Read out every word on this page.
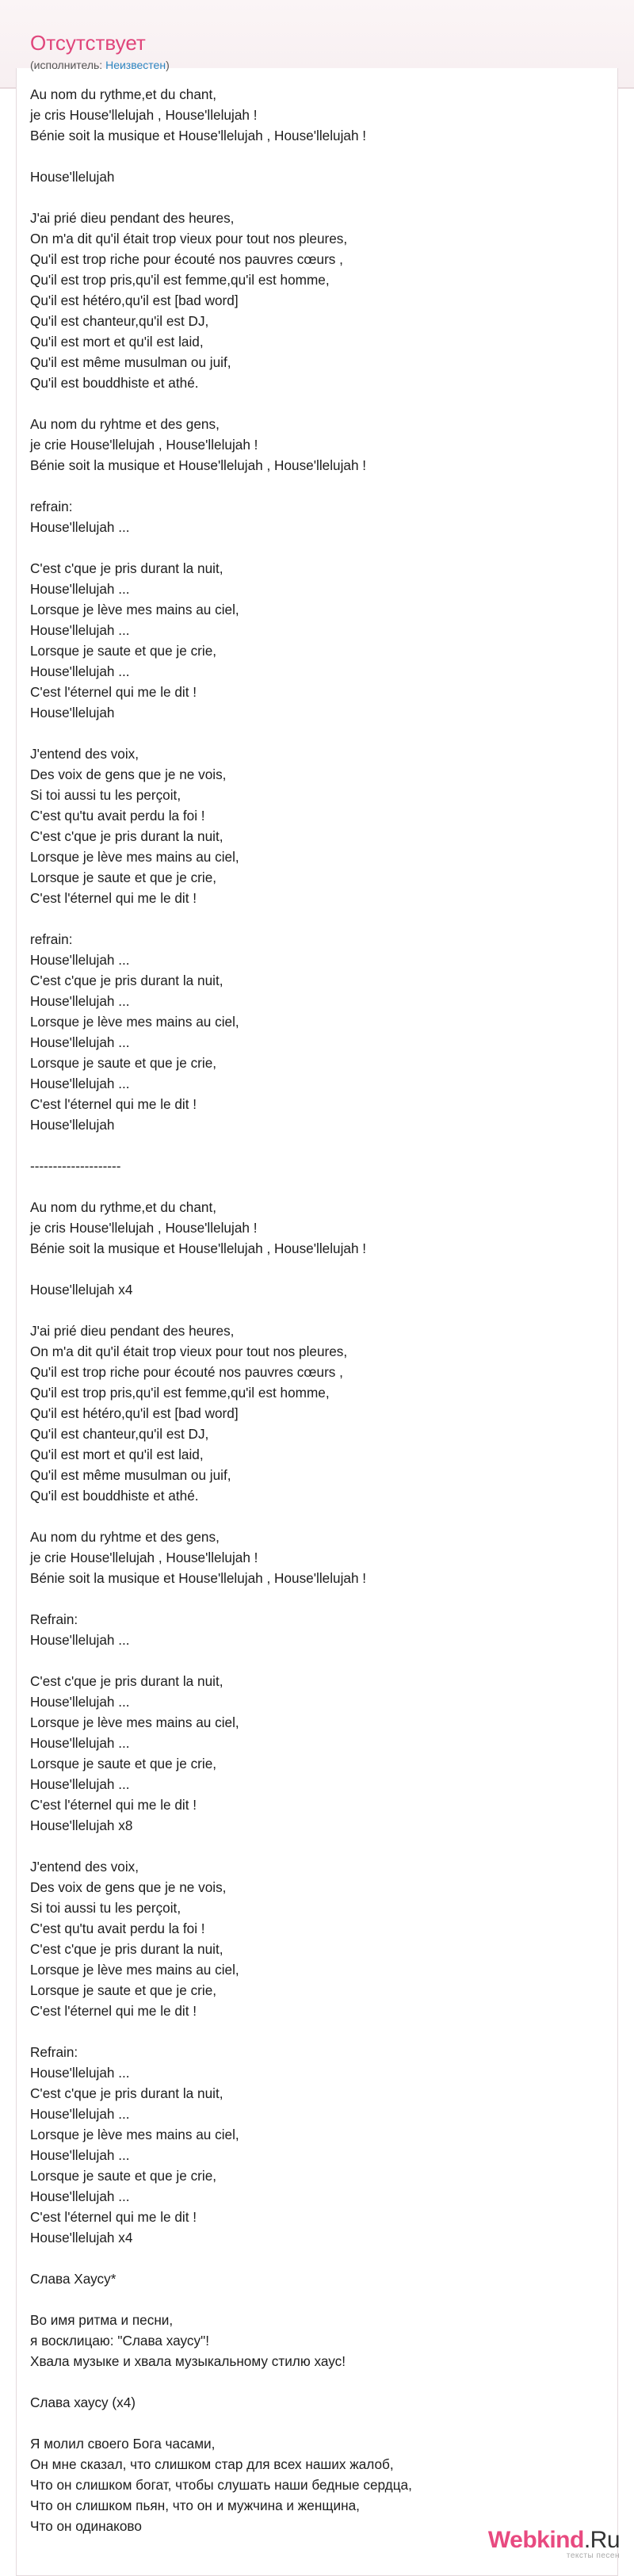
Отсутствует
(исполнитель: Неизвестен)

Au nom du rythme,et du chant,
je cris House'llelujah , House'llelujah !
Bénie soit la musique et House'llelujah , House'llelujah !

House'llelujah

J'ai prié dieu pendant des heures,
On m'a dit qu'il était trop vieux pour tout nos pleures,
Qu'il est trop riche pour écouté nos pauvres cœurs ,
Qu'il est trop pris,qu'il est femme,qu'il est homme,
Qu'il est hétéro,qu'il est [bad word]
Qu'il est chanteur,qu'il est DJ,
Qu'il est mort et qu'il est laid,
Qu'il est même musulman ou juif,
Qu'il est bouddhiste et athé.

Au nom du ryhtme et des gens,
je crie House'llelujah , House'llelujah !
Bénie soit la musique et House'llelujah , House'llelujah !

refrain:
House'llelujah ...

C'est c'que je pris durant la nuit,
House'llelujah ...
Lorsque je lève mes mains au ciel,
House'llelujah ...
Lorsque je saute et que je crie,
House'llelujah ...
C'est l'éternel qui me le dit !
House'llelujah

J'entend des voix,
Des voix de gens que je ne vois,
Si toi aussi tu les perçoit,
C'est qu'tu avait perdu la foi !
C'est c'que je pris durant la nuit,
Lorsque je lève mes mains au ciel,
Lorsque je saute et que je crie,
C'est l'éternel qui me le dit !

refrain:
House'llelujah ...
C'est c'que je pris durant la nuit,
House'llelujah ...
Lorsque je lève mes mains au ciel,
House'llelujah ...
Lorsque je saute et que je crie,
House'llelujah ...
C'est l'éternel qui me le dit !
House'llelujah

--------------------

Au nom du rythme,et du chant,
je cris House'llelujah , House'llelujah !
Bénie soit la musique et House'llelujah , House'llelujah !

House'llelujah x4

J'ai prié dieu pendant des heures,
On m'a dit qu'il était trop vieux pour tout nos pleures,
Qu'il est trop riche pour écouté nos pauvres cœurs ,
Qu'il est trop pris,qu'il est femme,qu'il est homme,
Qu'il est hétéro,qu'il est [bad word]
Qu'il est chanteur,qu'il est DJ,
Qu'il est mort et qu'il est laid,
Qu'il est même musulman ou juif,
Qu'il est bouddhiste et athé.

Au nom du ryhtme et des gens,
je crie House'llelujah , House'llelujah !
Bénie soit la musique et House'llelujah , House'llelujah !

Refrain:
House'llelujah ...

C'est c'que je pris durant la nuit,
House'llelujah ...
Lorsque je lève mes mains au ciel,
House'llelujah ...
Lorsque je saute et que je crie,
House'llelujah ...
C'est l'éternel qui me le dit !
House'llelujah x8

J'entend des voix,
Des voix de gens que je ne vois,
Si toi aussi tu les perçoit,
C'est qu'tu avait perdu la foi !
C'est c'que je pris durant la nuit,
Lorsque je lève mes mains au ciel,
Lorsque je saute et que je crie,
C'est l'éternel qui me le dit !

Refrain:
House'llelujah ...
C'est c'que je pris durant la nuit,
House'llelujah ...
Lorsque je lève mes mains au ciel,
House'llelujah ...
Lorsque je saute et que je crie,
House'llelujah ...
C'est l'éternel qui me le dit !
House'llelujah x4

Слава Хаусу*

Во имя ритма и песни,
я восклицаю: "Слава хаусу"!
Хвала музыке и хвала музыкальному стилю хаус!

Слава хаусу (x4)

Я молил своего Бога часами,
Он мне сказал, что слишком стар для всех наших жалоб,
Что он слишком богат, чтобы слушать наши бедные сердца,
Что он слишком пьян, что он и мужчина и женщина,
Что он одинаково

Webkind.Ru
тексты песен
